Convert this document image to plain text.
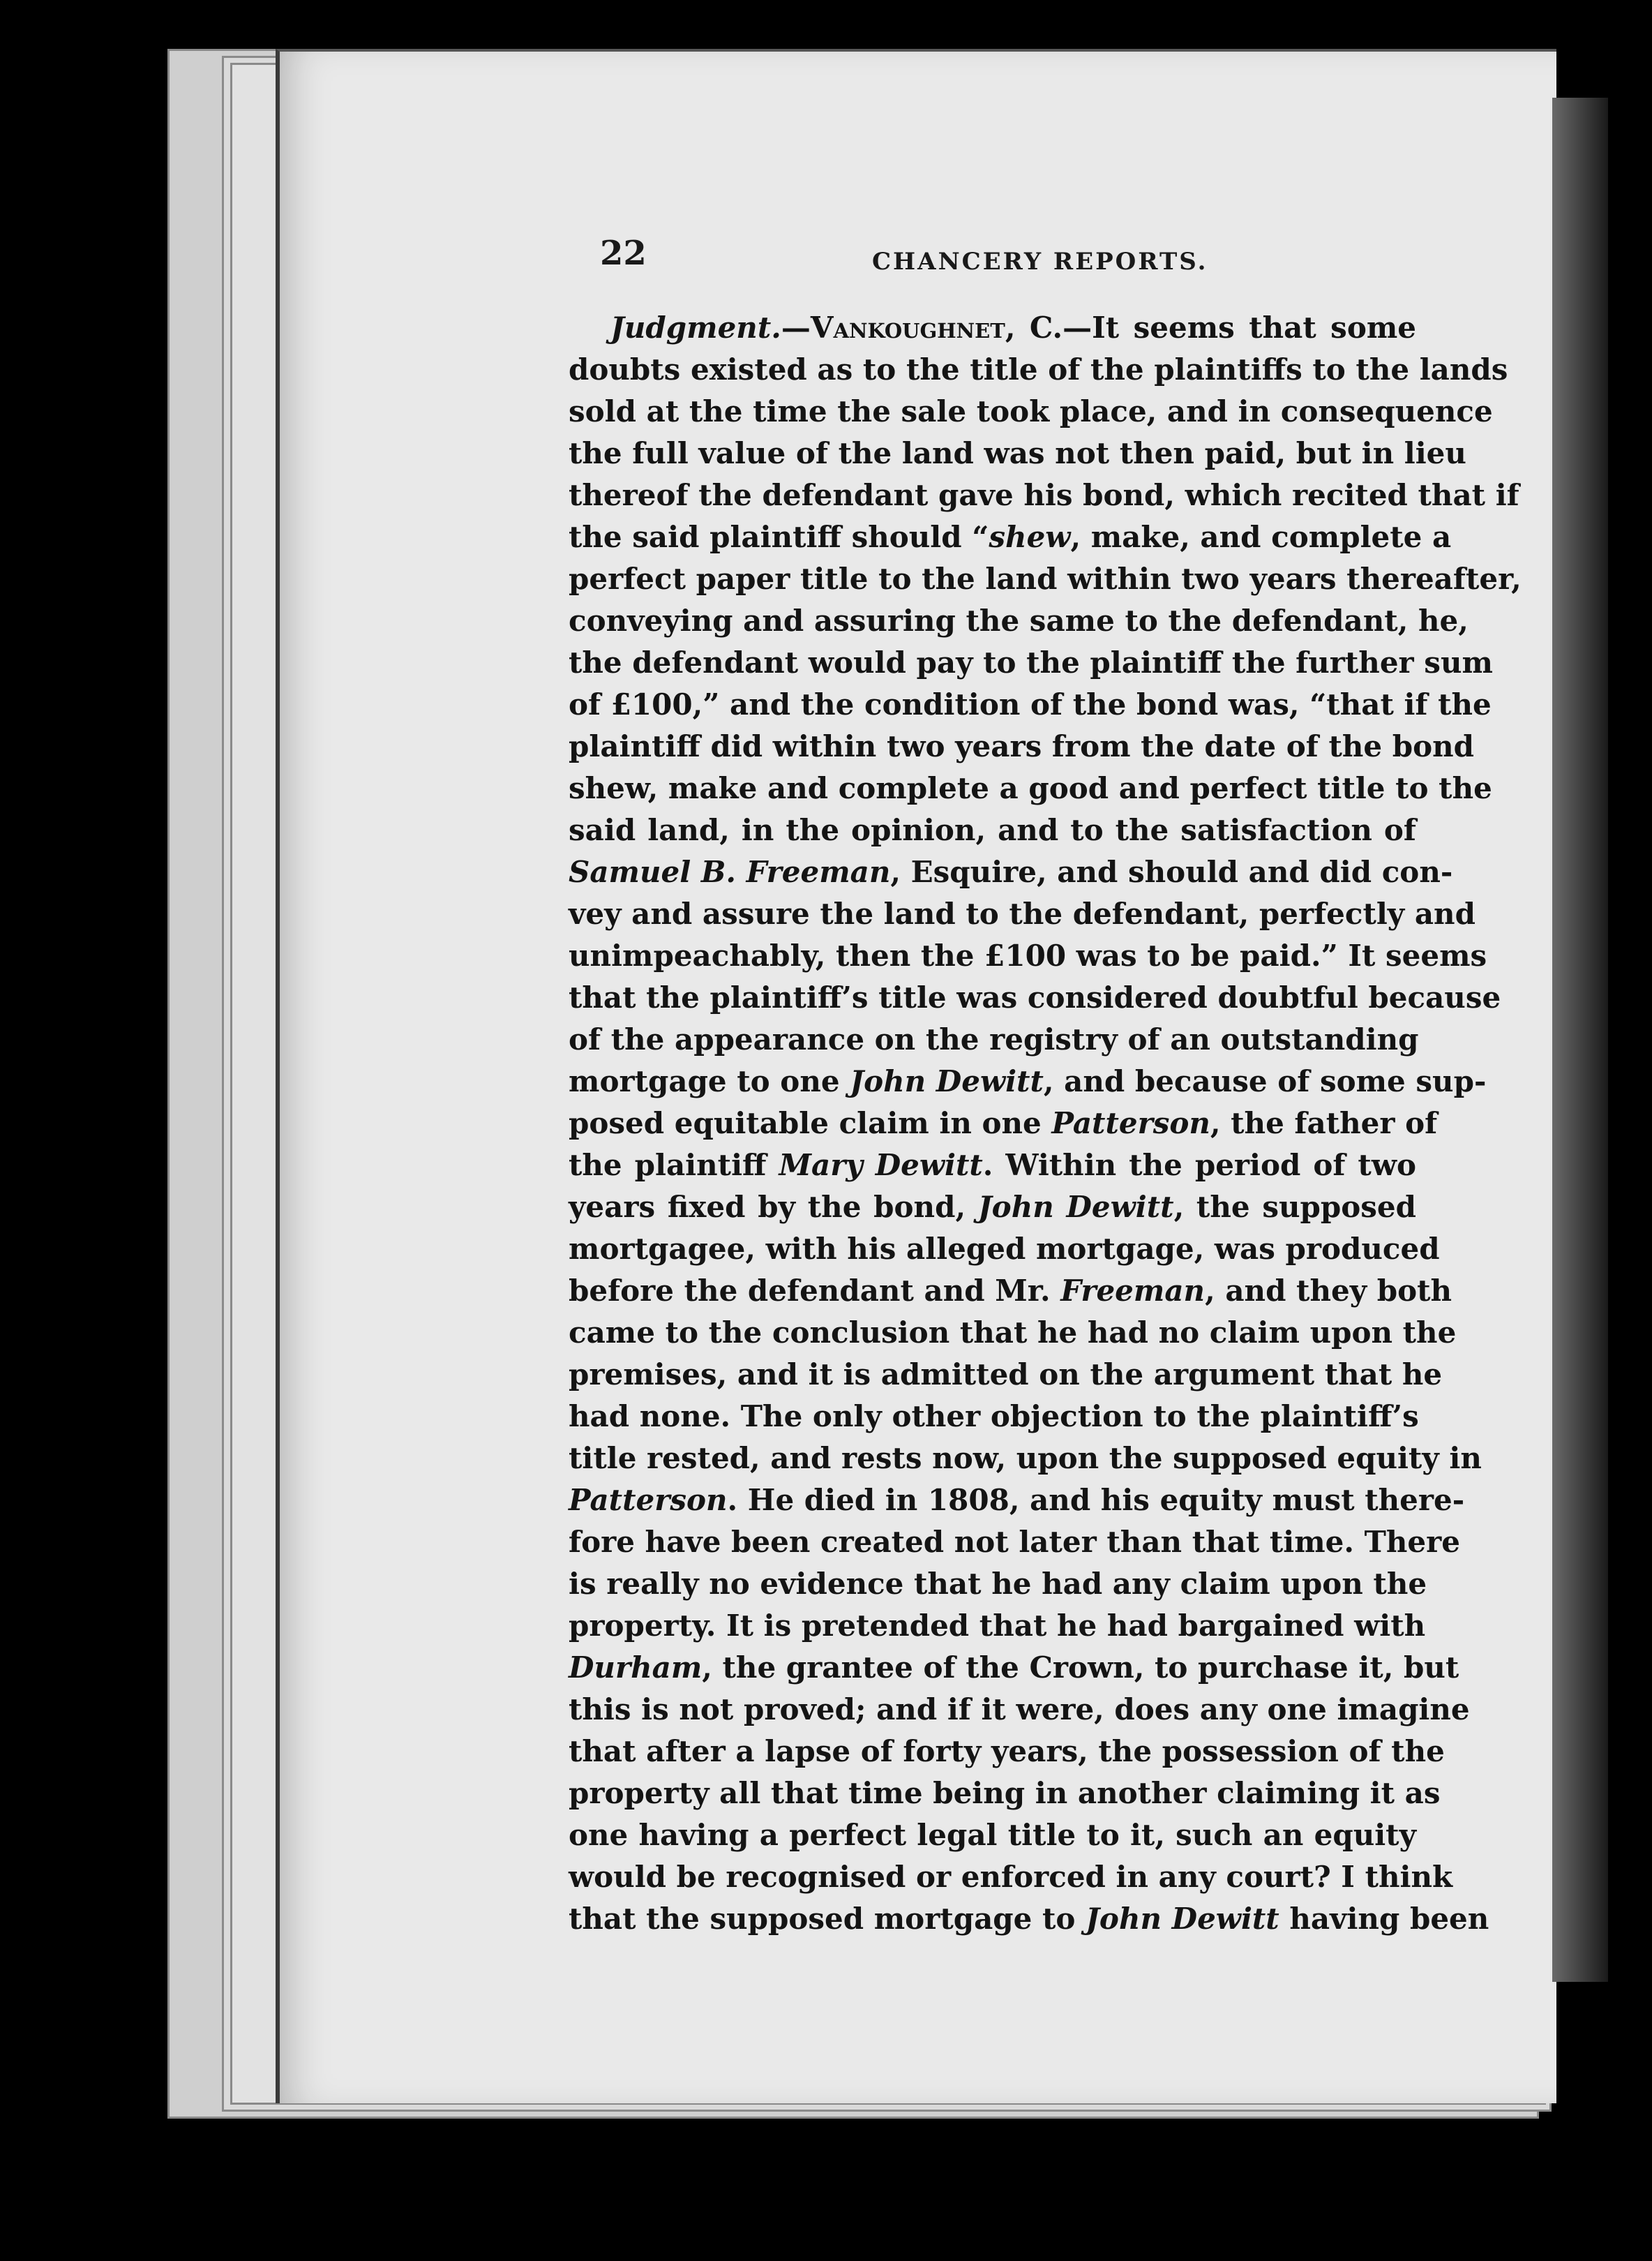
22	CHANCERY REPORTS.
Judgment.—Vankoughnet, C.—It seems that some
doubts existed as to the title of the plaintiffs to the lands
sold at the time the sale took place, and in consequence
the full value of the land was not then paid, but in lieu
thereof the defendant gave his bond, which recited that if
the said plaintiff should “shew, make, and complete a
perfect paper title to the land within two years thereafter,
conveying and assuring the same to the defendant, he,
the defendant would pay to the plaintiff the further sum
of £100,” and the condition of the bond was, “that if the
plaintiff did within two years from the date of the bond
shew, make and complete a good and perfect title to the
said land, in the opinion, and to the satisfaction of
Samuel B. Freeman, Esquire, and should and did con-
vey and assure the land to the defendant, perfectly and
unimpeachably, then the £100 was to be paid.” It seems
that the plaintiff’s title was considered doubtful because
of the appearance on the registry of an outstanding
mortgage to one John Dewitt, and because of some sup-
posed equitable claim in one Patterson, the father of
the plaintiff Mary Dewitt. Within the period of two
years fixed by the bond, John Dewitt, the supposed
mortgagee, with his alleged mortgage, was produced
before the defendant and Mr. Freeman, and they both
came to the conclusion that he had no claim upon the
premises, and it is admitted on the argument that he
had none. The only other objection to the plaintiff’s
title rested, and rests now, upon the supposed equity in
Patterson. He died in 1808, and his equity must there-
fore have been created not later than that time. There
is really no evidence that he had any claim upon the
property. It is pretended that he had bargained with
Durham, the grantee of the Crown, to purchase it, but
this is not proved; and if it were, does any one imagine
that after a lapse of forty years, the possession of the
property all that time being in another claiming it as
one having a perfect legal title to it, such an equity
would be recognised or enforced in any court? I think
that the supposed mortgage to John Dewitt having been
